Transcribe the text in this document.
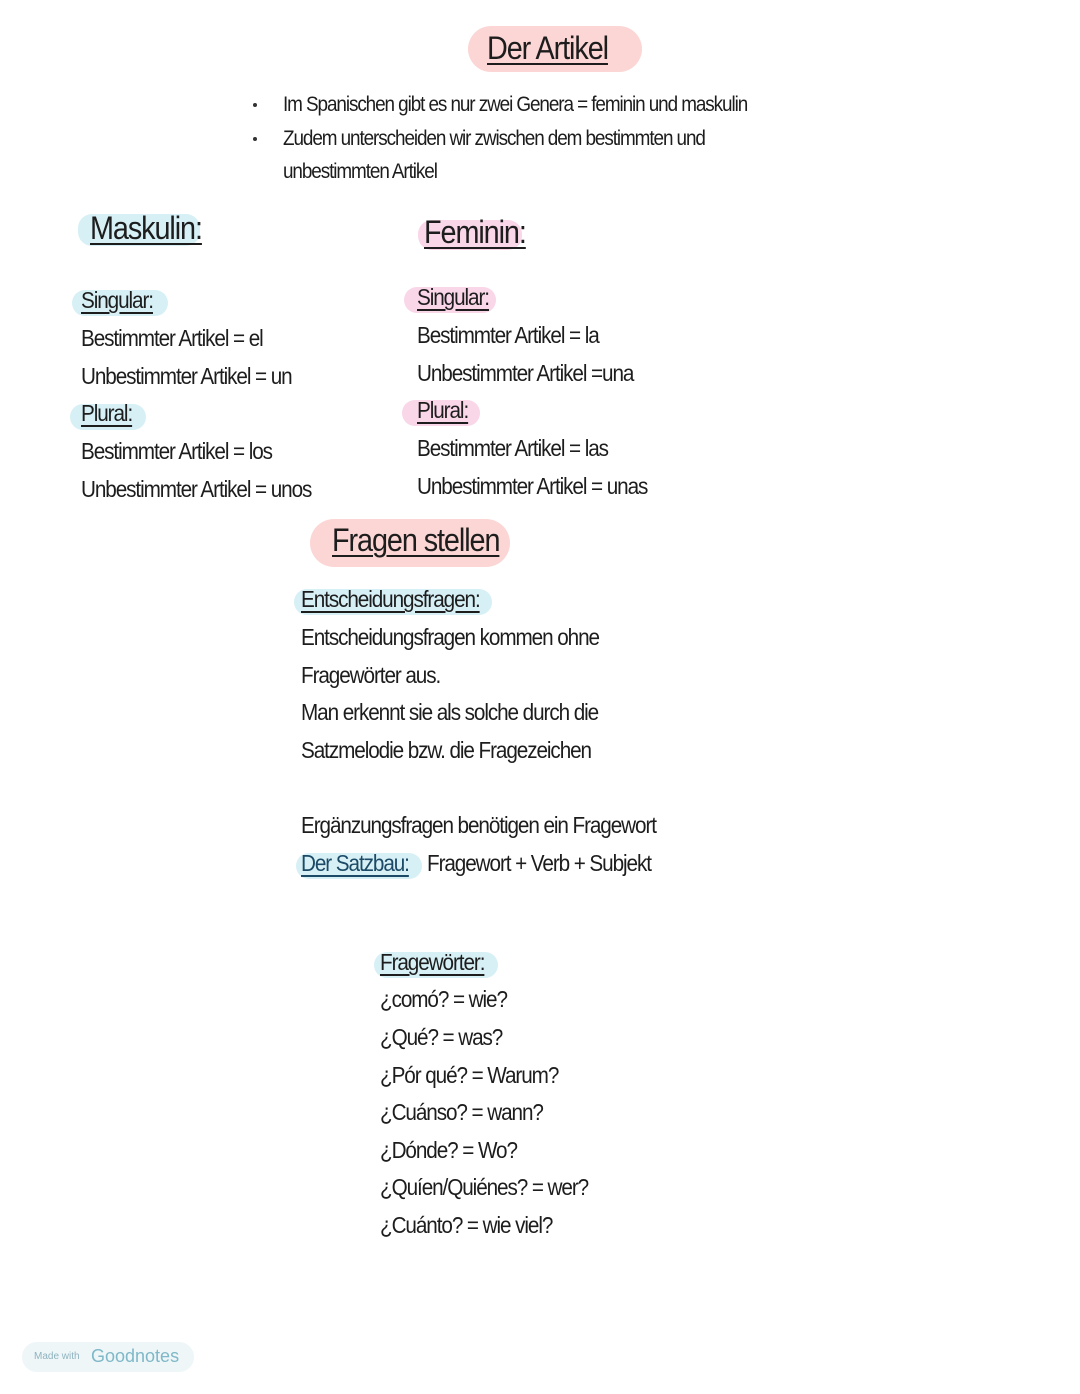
Der Artikel
Im Spanischen gibt es nur zwei Genera = feminin und maskulin
Zudem unterscheiden wir zwischen dem bestimmten und
unbestimmten Artikel
Maskulin:	Feminin:
Singular:
Bestimmter Artikel = el
Unbestimmter Artikel = un
Plural:
Bestimmter Artikel = los
Unbestimmter Artikel = unos
Singular:
Bestimmter Artikel = la
Unbestimmter Artikel =una
Plural:
Bestimmter Artikel = las
Unbestimmter Artikel = unas
Fragen stellen
Entscheidungsfragen:
Entscheidungsfragen kommen ohne
Fragewörter aus.
Man erkennt sie als solche durch die
Satzmelodie bzw. die Fragezeichen
Ergänzungsfragen benötigen ein Fragewort
Der Satzbau: Fragewort + Verb + Subjekt
Fragewörter:
¿comó? = wie?
¿Qué? = was?
¿Pór qué? = Warum?
¿Cuánso? = wann?
¿Dónde? = Wo?
¿Quíen/Quiénes? = wer?
¿Cuánto? = wie viel?
Made with Goodnotes
